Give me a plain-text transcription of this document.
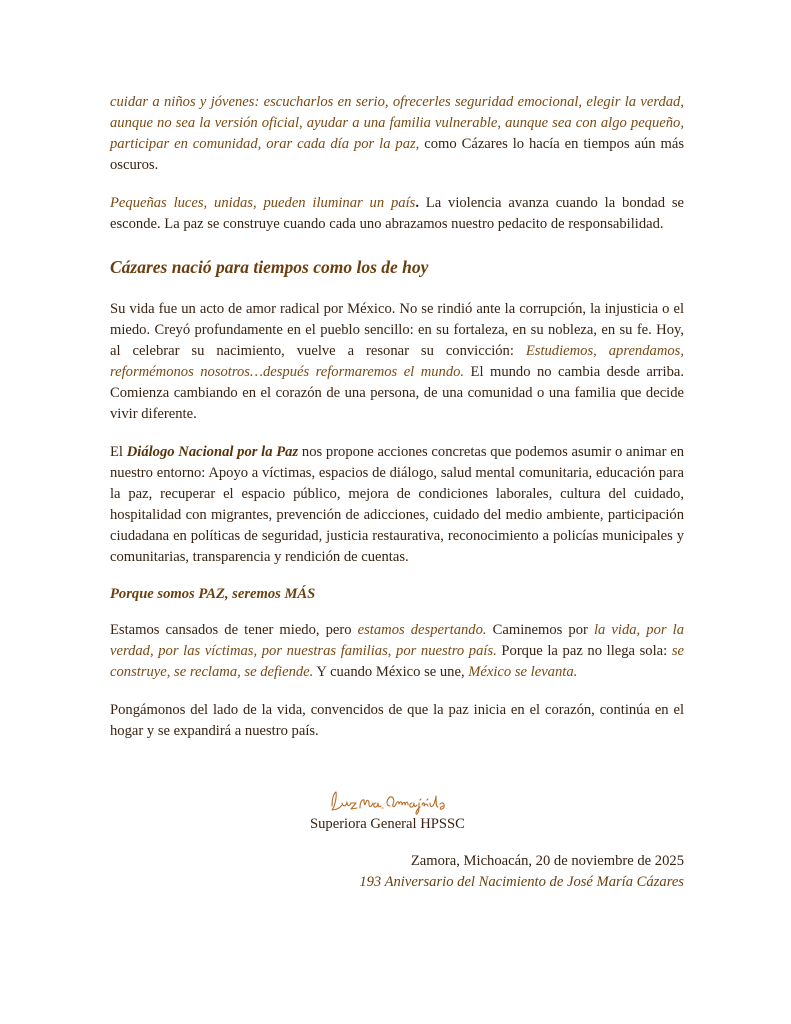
cuidar a niños y jóvenes: escucharlos en serio, ofrecerles seguridad emocional, elegir la verdad, aunque no sea la versión oficial, ayudar a una familia vulnerable, aunque sea con algo pequeño, participar en comunidad, orar cada día por la paz, como Cázares lo hacía en tiempos aún más oscuros.

Pequeñas luces, unidas, pueden iluminar un país. La violencia avanza cuando la bondad se esconde. La paz se construye cuando cada uno abrazamos nuestro pedacito de responsabilidad.

Cázares nació para tiempos como los de hoy

Su vida fue un acto de amor radical por México. No se rindió ante la corrupción, la injusticia o el miedo. Creyó profundamente en el pueblo sencillo: en su fortaleza, en su nobleza, en su fe. Hoy, al celebrar su nacimiento, vuelve a resonar su convicción: Estudiemos, aprendamos, reformémonos nosotros…después reformaremos el mundo. El mundo no cambia desde arriba. Comienza cambiando en el corazón de una persona, de una comunidad o una familia que decide vivir diferente.

El Diálogo Nacional por la Paz nos propone acciones concretas que podemos asumir o animar en nuestro entorno: Apoyo a víctimas, espacios de diálogo, salud mental comunitaria, educación para la paz, recuperar el espacio público, mejora de condiciones laborales, cultura del cuidado, hospitalidad con migrantes, prevención de adicciones, cuidado del medio ambiente, participación ciudadana en políticas de seguridad, justicia restaurativa, reconocimiento a policías municipales y comunitarias, transparencia y rendición de cuentas.

Porque somos PAZ, seremos MÁS

Estamos cansados de tener miedo, pero estamos despertando. Caminemos por la vida, por la verdad, por las víctimas, por nuestras familias, por nuestro país. Porque la paz no llega sola: se construye, se reclama, se defiende. Y cuando México se une, México se levanta.

Pongámonos del lado de la vida, convencidos de que la paz inicia en el corazón, continúa en el hogar y se expandirá a nuestro país.

Superiora General HPSSC
Zamora, Michoacán, 20 de noviembre de 2025
193 Aniversario del Nacimiento de José María Cázares
